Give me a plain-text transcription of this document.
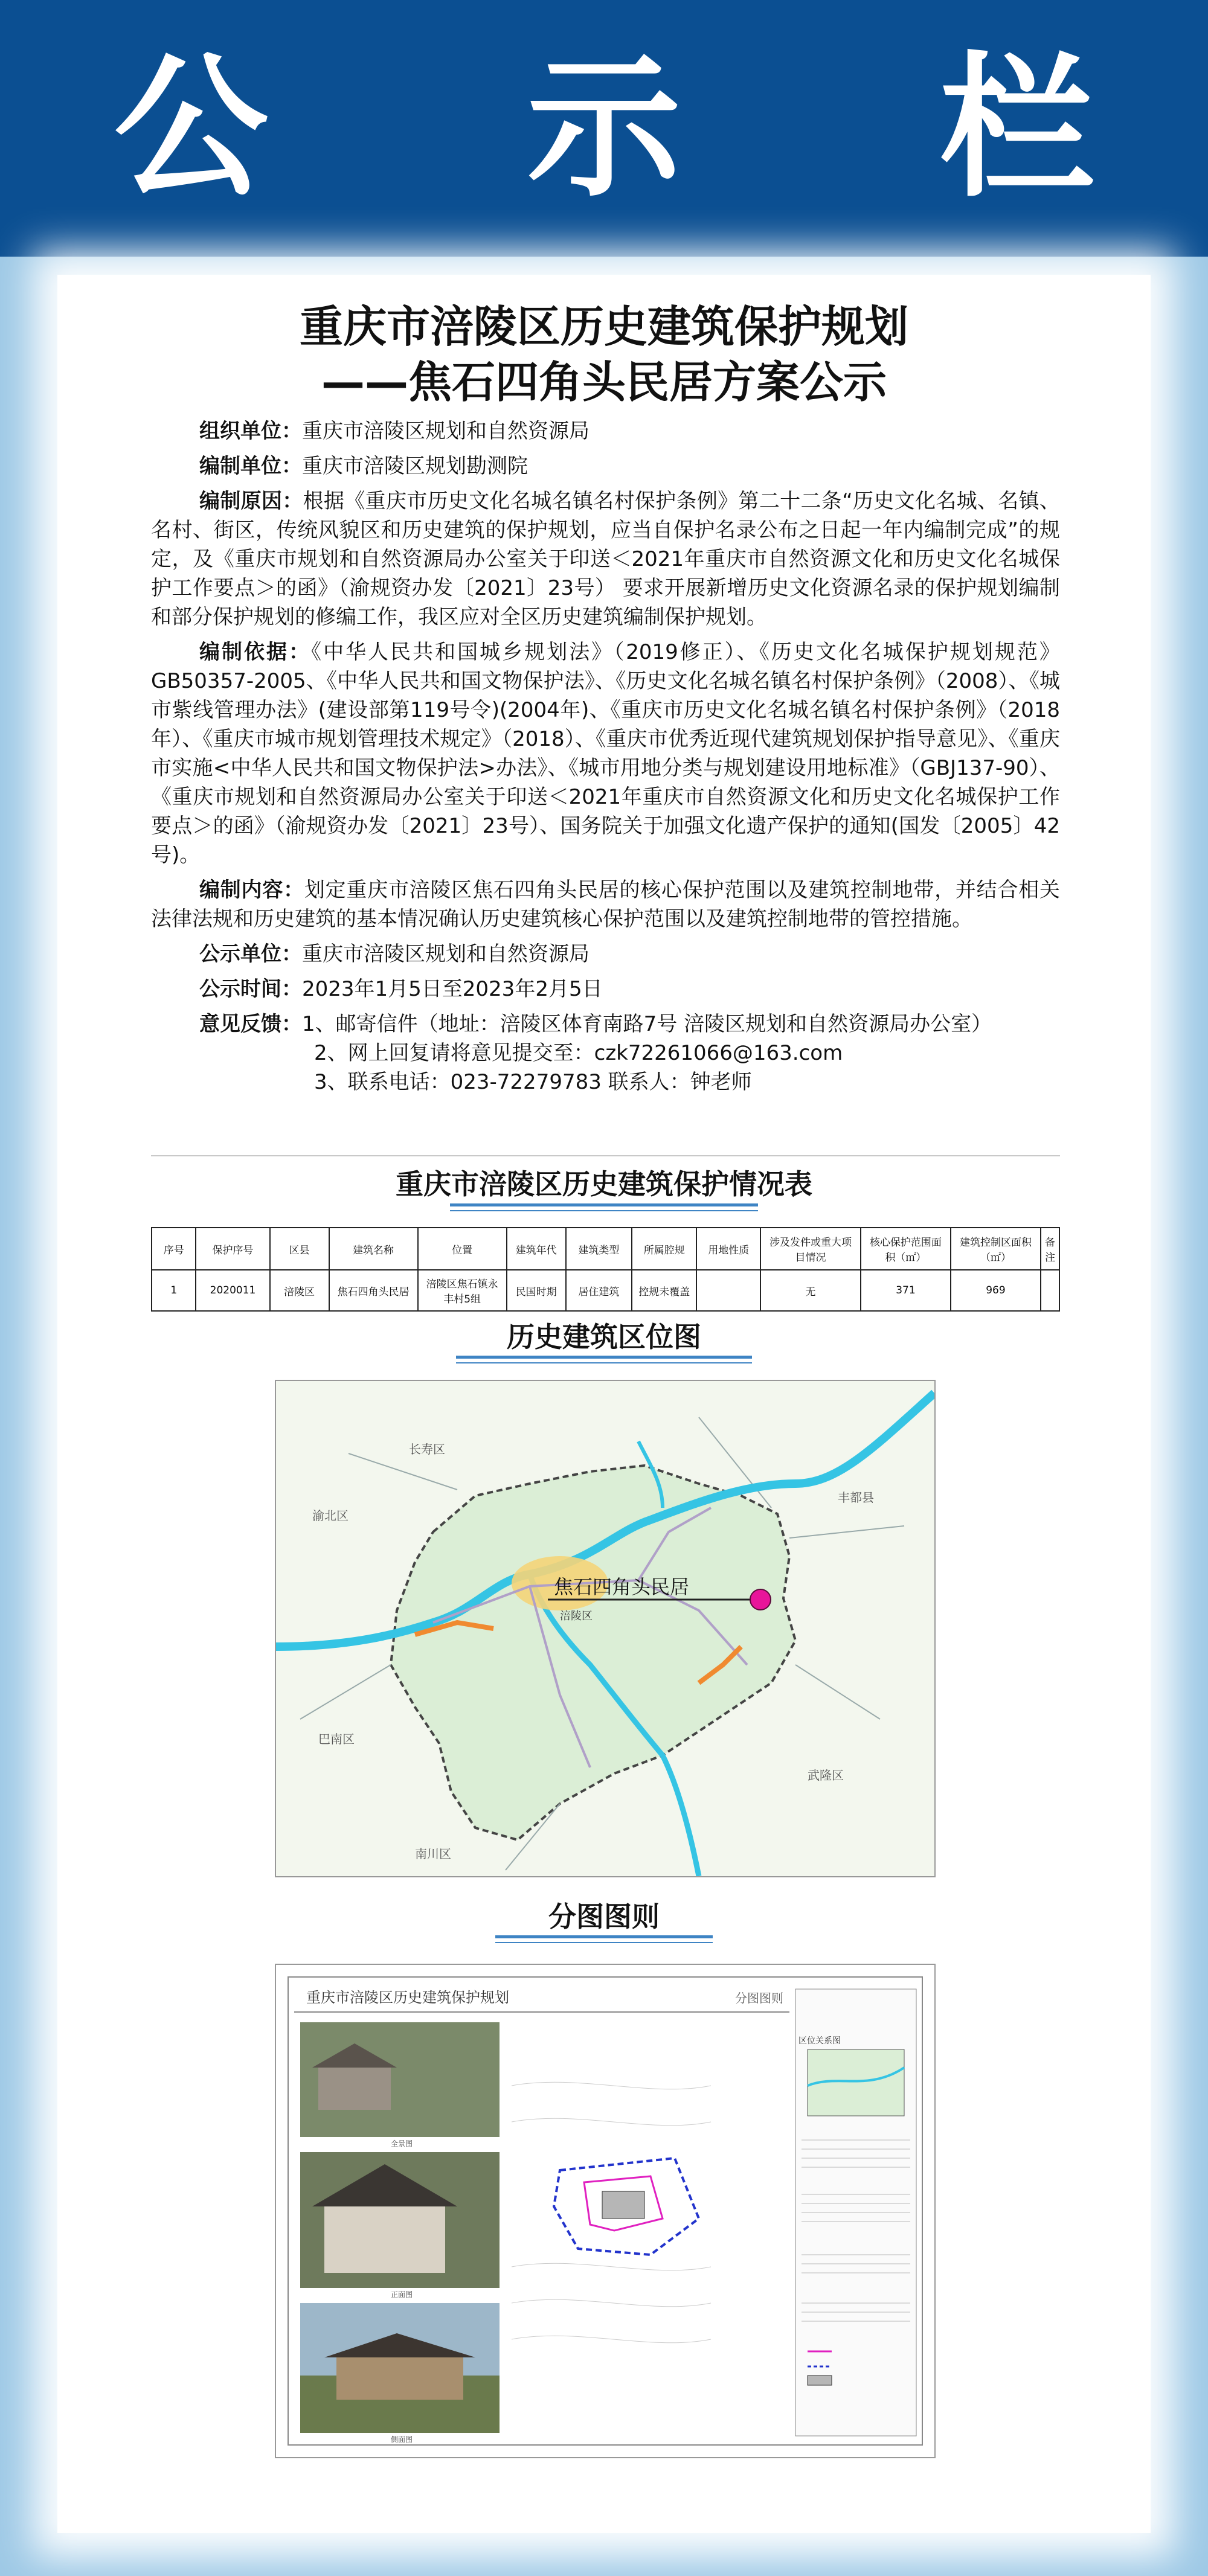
公 示 栏
重庆市涪陵区历史建筑保护规划
——焦石四角头民居方案公示

组织单位：重庆市涪陵区规划和自然资源局

编制单位：重庆市涪陵区规划勘测院

编制原因：根据《重庆市历史文化名城名镇名村保护条例》第二十二条“历史文化名城、名镇、名村、街区，传统风貌区和历史建筑的保护规划，应当自保护名录公布之日起一年内编制完成”的规定，及《重庆市规划和自然资源局办公室关于印送＜2021年重庆市自然资源文化和历史文化名城保护工作要点＞的函》（渝规资办发〔2021〕23号） 要求开展新增历史文化资源名录的保护规划编制和部分保护规划的修编工作，我区应对全区历史建筑编制保护规划。

编制依据：《中华人民共和国城乡规划法》（2019修正）、《历史文化名城保护规划规范》GB50357-2005、《中华人民共和国文物保护法》、《历史文化名城名镇名村保护条例》（2008）、《城市紫线管理办法》(建设部第119号令)(2004年)、《重庆市历史文化名城名镇名村保护条例》（2018年）、《重庆市城市规划管理技术规定》（2018）、《重庆市优秀近现代建筑规划保护指导意见》、《重庆市实施<中华人民共和国文物保护法>办法》、《城市用地分类与规划建设用地标准》（GBJ137-90）、《重庆市规划和自然资源局办公室关于印送＜2021年重庆市自然资源文化和历史文化名城保护工作要点＞的函》（渝规资办发〔2021〕23号）、国务院关于加强文化遗产保护的通知(国发〔2005〕42号)。

编制内容：划定重庆市涪陵区焦石四角头民居的核心保护范围以及建筑控制地带，并结合相关法律法规和历史建筑的基本情况确认历史建筑核心保护范围以及建筑控制地带的管控措施。

公示单位：重庆市涪陵区规划和自然资源局

公示时间：2023年1月5日至2023年2月5日

意见反馈：1、邮寄信件（地址：涪陵区体育南路7号 涪陵区规划和自然资源局办公室）

2、网上回复请将意见提交至：czk72261066@163.com

3、联系电话：023-72279783 联系人：钟老师

重庆市涪陵区历史建筑保护情况表
序号	保护序号	区县	建筑名称	位置	建筑年代	建筑类型	所属腔规	用地性质	涉及发件或重大项目情况	核心保护范围面积（㎡）	建筑控制区面积（㎡）	备注
1	2020011	涪陵区	焦石四角头民居	涪陵区焦石镇永丰村5组	民国时期	居住建筑	控规未覆盖		无	371	969	
历史建筑区位图
焦石四角头民居
涪陵区
长寿区
丰都县
渝北区
巴南区
南川区
武隆区
分图图则
重庆市涪陵区历史建筑保护规划	分图图则
全景图
正面图
侧面图
区位关系图
